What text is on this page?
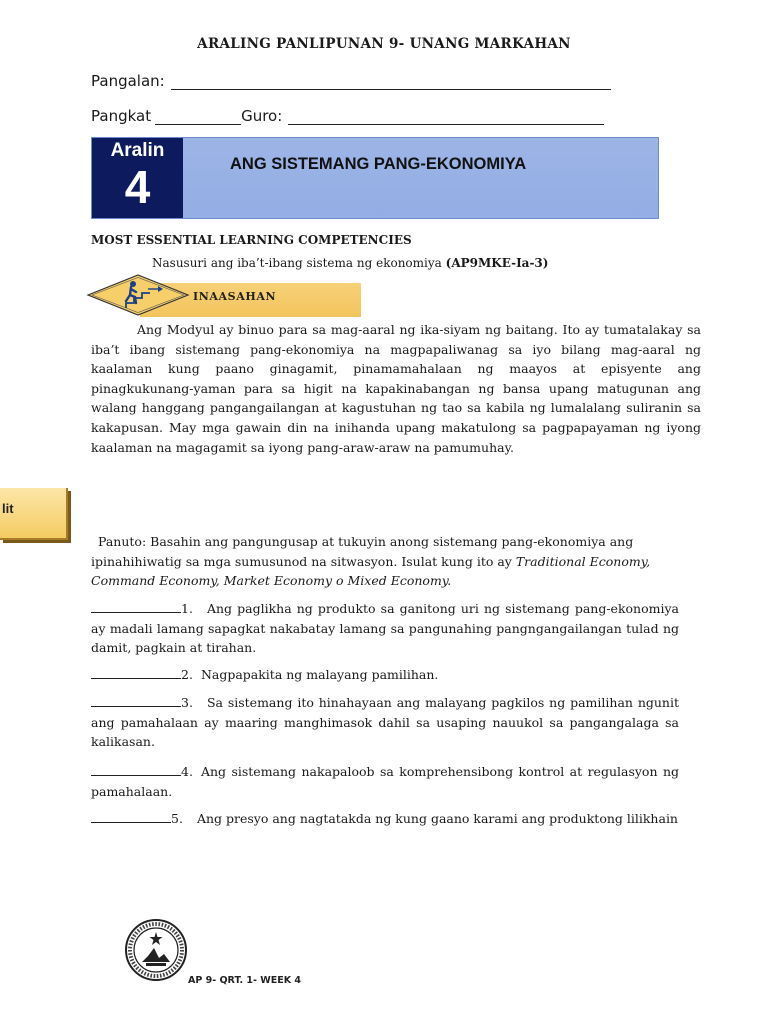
ARALING PANLIPUNAN 9- UNANG MARKAHAN
Pangalan:
Pangkat	Guro:
Aralin
4	ANG SISTEMANG PANG-EKONOMIYA
MOST ESSENTIAL LEARNING COMPETENCIES
Nasusuri ang iba’t-ibang sistema ng ekonomiya (AP9MKE-Ia-3)
INAASAHAN
Ang Modyul ay binuo para sa mag-aaral ng ika-siyam ng baitang. Ito ay tumatalakay sa iba’t ibang sistemang pang-ekonomiya na magpapaliwanag sa iyo bilang mag-aaral ng kaalaman kung paano ginagamit, pinamamahalaan ng maayos at episyente ang pinagkukunang-yaman para sa higit na kapakinabangan ng bansa upang matugunan ang walang hanggang pangangailangan at kagustuhan ng tao sa kabila ng lumalalang suliranin sa kakapusan. May mga gawain din na inihanda upang makatulong sa pagpapayaman ng iyong kaalaman na magagamit sa iyong pang-araw-araw na pamumuhay.
lit
Panuto: Basahin ang pangungusap at tukuyin anong sistemang pang-ekonomiya ang ipinahihiwatig sa mga sumusunod na sitwasyon. Isulat kung ito ay Traditional Economy, Command Economy, Market Economy o Mixed Economy.
1. Ang paglikha ng produkto sa ganitong uri ng sistemang pang-ekonomiya ay madali lamang sapagkat nakabatay lamang sa pangunahing pangngangailangan tulad ng damit, pagkain at tirahan.
2. Nagpapakita ng malayang pamilihan.
3. Sa sistemang ito hinahayaan ang malayang pagkilos ng pamilihan ngunit ang pamahalaan ay maaring manghimasok dahil sa usaping nauukol sa pangangalaga sa kalikasan.
4. Ang sistemang nakapaloob sa komprehensibong kontrol at regulasyon ng pamahalaan.
5. Ang presyo ang nagtatakda ng kung gaano karami ang produktong lilikhain
AP 9- QRT. 1- WEEK 4
